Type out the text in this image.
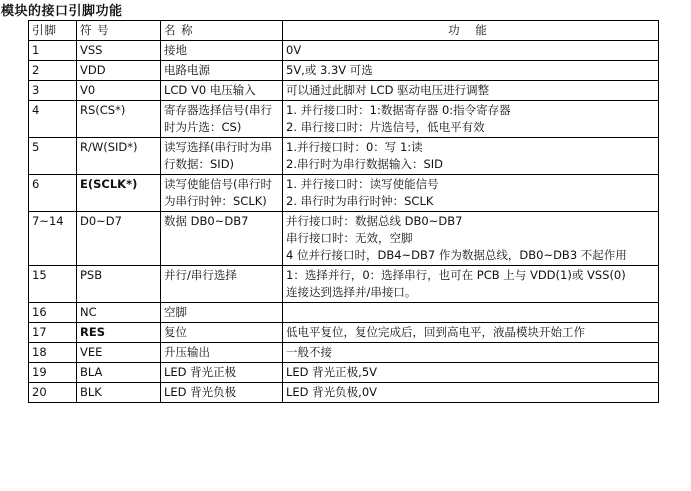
模块的接口引脚功能
引脚	符 号	名 称	功 能
1	VSS	接地	0V

2	VDD	电路电源	5V,或 3.3V 可选

3	V0	LCD V0 电压输入	可以通过此脚对 LCD 驱动电压进行调整

4	RS(CS*)	寄存器选择信号(串行时为片选：CS)	1. 并行接口时：1:数据寄存器 0:指令寄存器
2. 串行接口时：片选信号，低电平有效

5	R/W(SID*)	读写选择(串行时为串行数据：SID)	1.并行接口时：0：写 1:读
2.串行时为串行数据输入：SID

6	E(SCLK*)	读写使能信号(串行时为串行时钟：SCLK)	1. 并行接口时：读写使能信号
2. 串行时为串行时钟：SCLK

7~14	D0~D7	数据 DB0~DB7	并行接口时：数据总线 DB0~DB7
串行接口时：无效，空脚
4 位并行接口时，DB4~DB7 作为数据总线，DB0~DB3 不起作用

15	PSB	并行/串行选择	1：选择并行，0：选择串行，也可在 PCB 上与 VDD(1)或 VSS(0)
连接达到选择并/串接口。

16	NC	空脚	

17	RES	复位	低电平复位，复位完成后，回到高电平，液晶模块开始工作

18	VEE	升压输出	一般不接

19	BLA	LED 背光正极	LED 背光正极,5V

20	BLK	LED 背光负极	LED 背光负极,0V
